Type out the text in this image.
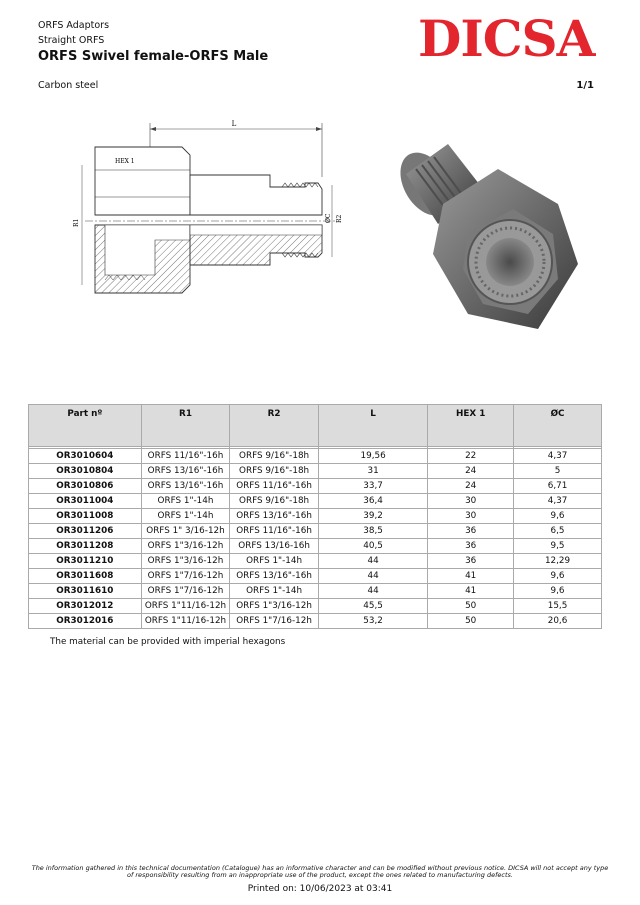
ORFS Adaptors
Straight ORFS
ORFS Swivel female-ORFS Male
Carbon steel	1/1
DICSA
L
HEX 1
R1	ØC R2
Part nº	R1	R2	L	HEX 1	ØC

OR3010604	ORFS 11/16"-16h	ORFS 9/16"-18h	19,56	22	4,37
OR3010804	ORFS 13/16"-16h	ORFS 9/16"-18h	31	24	5
OR3010806	ORFS 13/16"-16h	ORFS 11/16"-16h	33,7	24	6,71
OR3011004	ORFS 1"-14h	ORFS 9/16"-18h	36,4	30	4,37
OR3011008	ORFS 1"-14h	ORFS 13/16"-16h	39,2	30	9,6
OR3011206	ORFS 1" 3/16-12h	ORFS 11/16"-16h	38,5	36	6,5
OR3011208	ORFS 1"3/16-12h	ORFS 13/16-16h	40,5	36	9,5
OR3011210	ORFS 1"3/16-12h	ORFS 1"-14h	44	36	12,29
OR3011608	ORFS 1"7/16-12h	ORFS 13/16"-16h	44	41	9,6
OR3011610	ORFS 1"7/16-12h	ORFS 1"-14h	44	41	9,6
OR3012012	ORFS 1"11/16-12h	ORFS 1"3/16-12h	45,5	50	15,5
OR3012016	ORFS 1"11/16-12h	ORFS 1"7/16-12h	53,2	50	20,6
The material can be provided with imperial hexagons
The information gathered in this technical documentation (Catalogue) has an informative character and can be modified without previous notice. DICSA will not accept any type of responsibility resulting from an inappropriate use of the product, except the ones related to manufacturing defects.
Printed on: 10/06/2023 at 03:41
